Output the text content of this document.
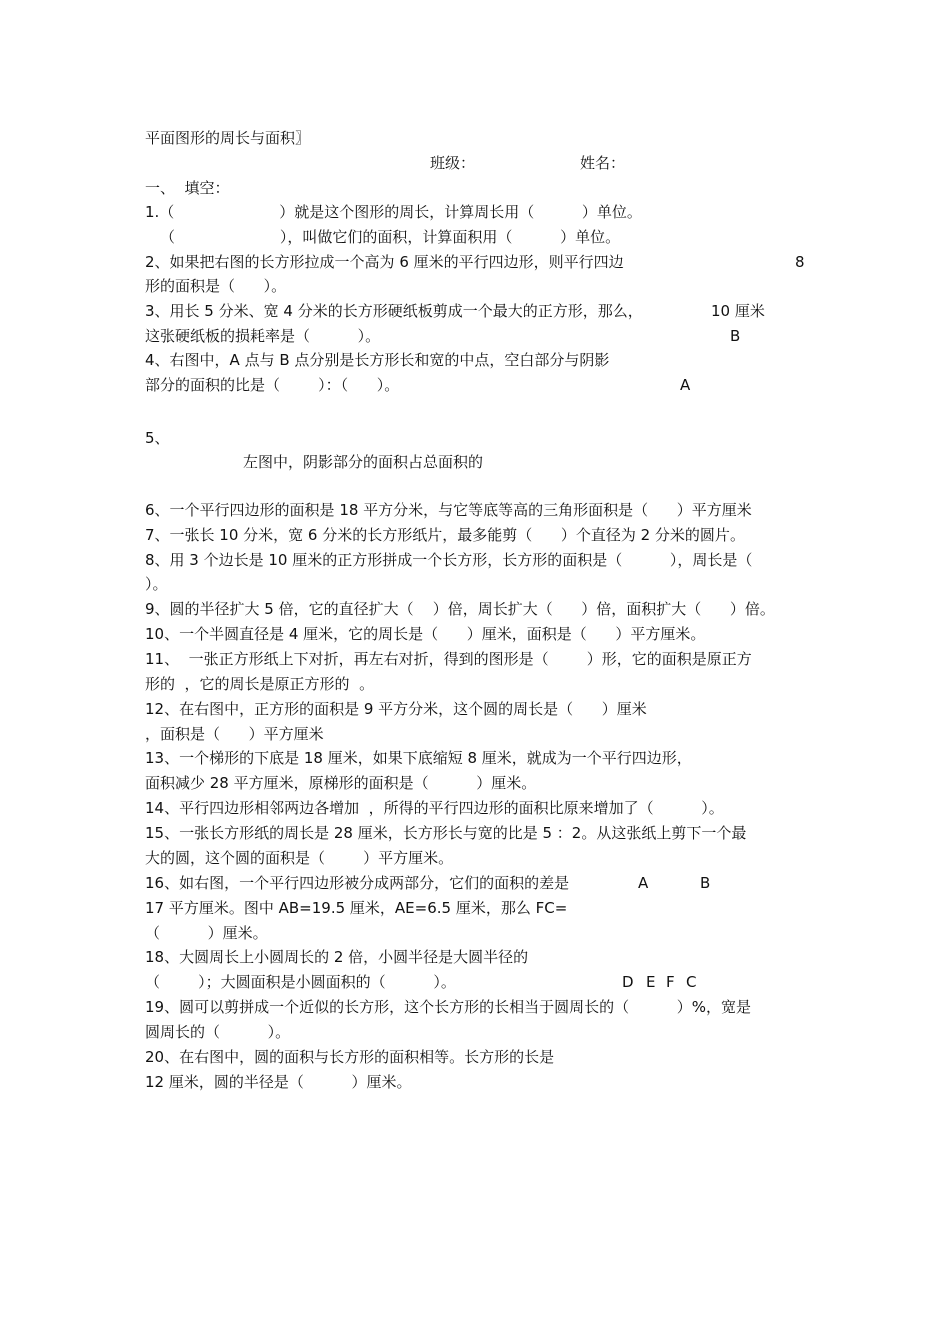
平面图形的周长与面积〗
班级：	姓名：
一、  填空：
1.（                      ）就是这个图形的周长，计算周长用（          ）单位。
（                      ），叫做它们的面积，计算面积用（          ）单位。
2、如果把右图的长方形拉成一个高为 6 厘米的平行四边形，则平行四边
形的面积是（      ）。
3、用长 5 分米、宽 4 分米的长方形硬纸板剪成一个最大的正方形，那么，
这张硬纸板的损耗率是（          ）。
4、右图中，A 点与 B 点分别是长方形长和宽的中点，空白部分与阴影
部分的面积的比是（        ）：（      ）。
5、
左图中，阴影部分的面积占总面积的
6、一个平行四边形的面积是 18 平方分米，与它等底等高的三角形面积是（      ）平方厘米
7、一张长 10 分米，宽 6 分米的长方形纸片，最多能剪（      ）个直径为 2 分米的圆片。
8、用 3 个边长是 10 厘米的正方形拼成一个长方形，长方形的面积是（          ），周长是（
）。
9、圆的半径扩大 5 倍，它的直径扩大（    ）倍，周长扩大（      ）倍，面积扩大（      ）倍。
10、一个半圆直径是 4 厘米，它的周长是（      ）厘米，面积是（      ）平方厘米。
11、  一张正方形纸上下对折，再左右对折，得到的图形是（        ）形，它的面积是原正方
形的  ，它的周长是原正方形的  。
12、在右图中，正方形的面积是 9 平方分米，这个圆的周长是（      ）厘米
，面积是（      ）平方厘米
13、一个梯形的下底是 18 厘米，如果下底缩短 8 厘米，就成为一个平行四边形，
面积减少 28 平方厘米，原梯形的面积是（          ）厘米。
14、平行四边形相邻两边各增加  ，所得的平行四边形的面积比原来增加了（          ）。
15、一张长方形纸的周长是 28 厘米，长方形长与宽的比是 5 ：2。从这张纸上剪下一个最
大的圆，这个圆的面积是（        ）平方厘米。
16、如右图，一个平行四边形被分成两部分，它们的面积的差是
17 平方厘米。图中 AB=19.5 厘米，AE=6.5 厘米，那么 FC=
（          ）厘米。
18、大圆周长上小圆周长的 2 倍，小圆半径是大圆半径的
（        ）；大圆面积是小圆面积的（          ）。
19、圆可以剪拼成一个近似的长方形，这个长方形的长相当于圆周长的（          ）%，宽是
圆周长的（          ）。
20、在右图中，圆的面积与长方形的面积相等。长方形的长是
12 厘米，圆的半径是（          ）厘米。
8
10 厘米
B
A
A	B
D E F C
